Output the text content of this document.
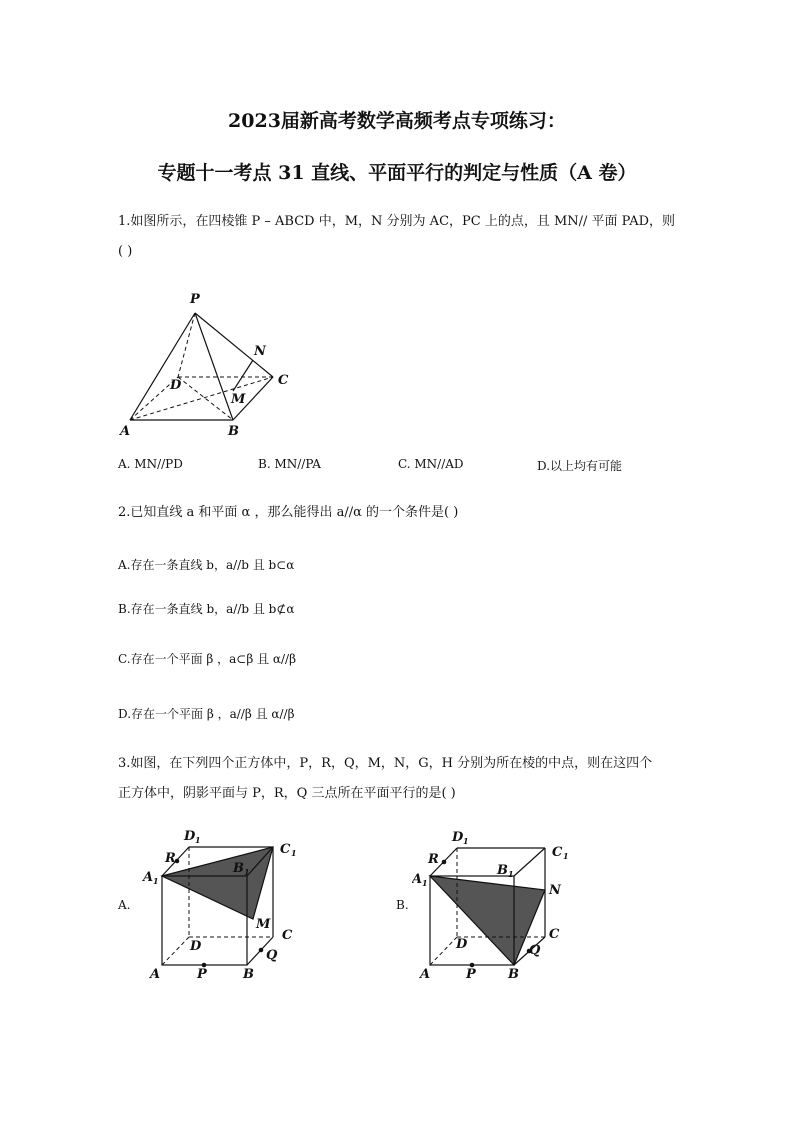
2023届新高考数学高频考点专项练习：
专题十一考点 31 直线、平面平行的判定与性质（A 卷）
1.如图所示，在四棱锥 P – ABCD 中，M，N 分别为 AC，PC 上的点，且 MN// 平面 PAD，则
( )
P
N
D	C
M
A	B
A. MN//PD	B. MN//PA	C. MN//AD	D.以上均有可能
2.已知直线 a 和平面 α ，那么能得出 a//α 的一个条件是( )
A.存在一条直线 b，a//b 且 b⊂α
B.存在一条直线 b，a//b 且 b⊄α
C.存在一个平面 β ，a⊂β 且 α//β
D.存在一个平面 β ，a//β 且 α//β
3.如图，在下列四个正方体中，P，R，Q，M，N，G，H 分别为所在棱的中点，则在这四个
正方体中，阴影平面与 P，R，Q 三点所在平面平行的是( )
A.
D 1
C 1
R
A 1
B 1
M
D
C
Q
A	P	B
B.
D 1
C 1
R
A 1
B 1
N
D
C
Q
A	P B
